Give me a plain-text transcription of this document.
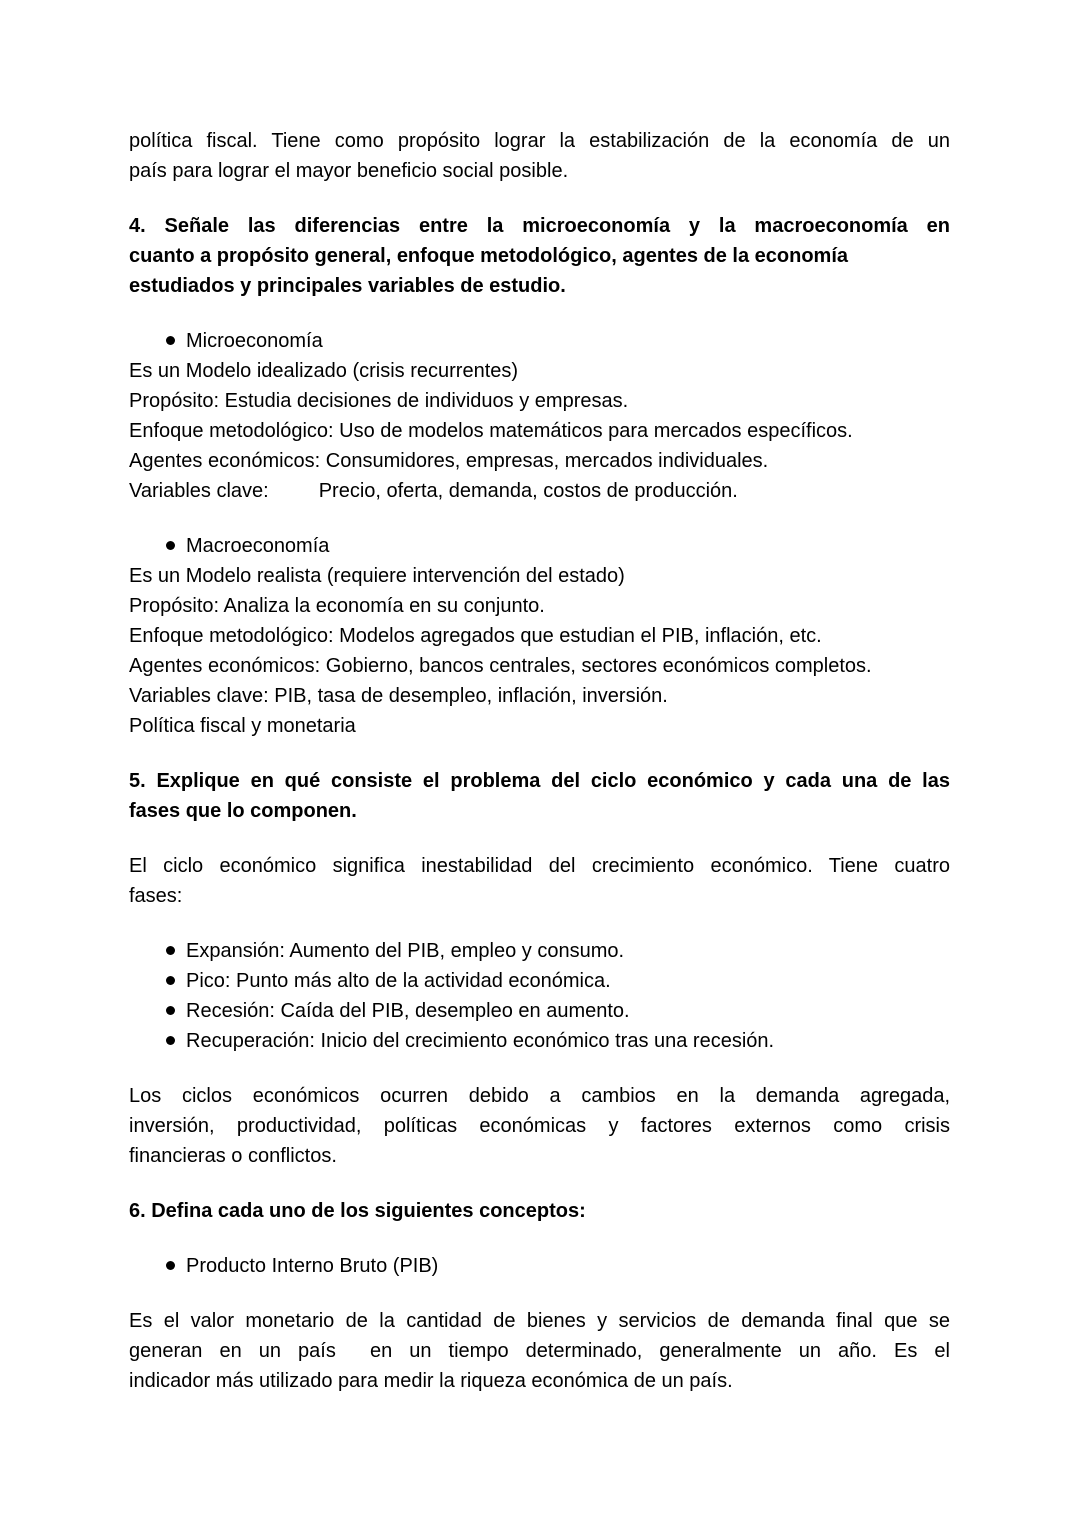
política fiscal. Tiene como propósito lograr la estabilización de la economía de un
país para lograr el mayor beneficio social posible.
4. Señale las diferencias entre la microeconomía y la macroeconomía en
cuanto a propósito general, enfoque metodológico, agentes de la economía
estudiados y principales variables de estudio.
Microeconomía
Es un Modelo idealizado (crisis recurrentes)
Propósito: Estudia decisiones de individuos y empresas.
Enfoque metodológico: Uso de modelos matemáticos para mercados específicos.
Agentes económicos: Consumidores, empresas, mercados individuales.
Variables clave:	Precio, oferta, demanda, costos de producción.
Macroeconomía
Es un Modelo realista (requiere intervención del estado)
Propósito: Analiza la economía en su conjunto.
Enfoque metodológico: Modelos agregados que estudian el PIB, inflación, etc.
Agentes económicos: Gobierno, bancos centrales, sectores económicos completos.
Variables clave: PIB, tasa de desempleo, inflación, inversión.
Política fiscal y monetaria
5. Explique en qué consiste el problema del ciclo económico y cada una de las
fases que lo componen.
El ciclo económico significa inestabilidad del crecimiento económico. Tiene cuatro
fases:
Expansión: Aumento del PIB, empleo y consumo.
Pico: Punto más alto de la actividad económica.
Recesión: Caída del PIB, desempleo en aumento.
Recuperación: Inicio del crecimiento económico tras una recesión.
Los ciclos económicos ocurren debido a cambios en la demanda agregada,
inversión, productividad, políticas económicas y factores externos como crisis
financieras o conflictos.
6. Defina cada uno de los siguientes conceptos:
Producto Interno Bruto (PIB)
Es el valor monetario de la cantidad de bienes y servicios de demanda final que se
generan en un país  en un tiempo determinado, generalmente un año. Es el
indicador más utilizado para medir la riqueza económica de un país.
